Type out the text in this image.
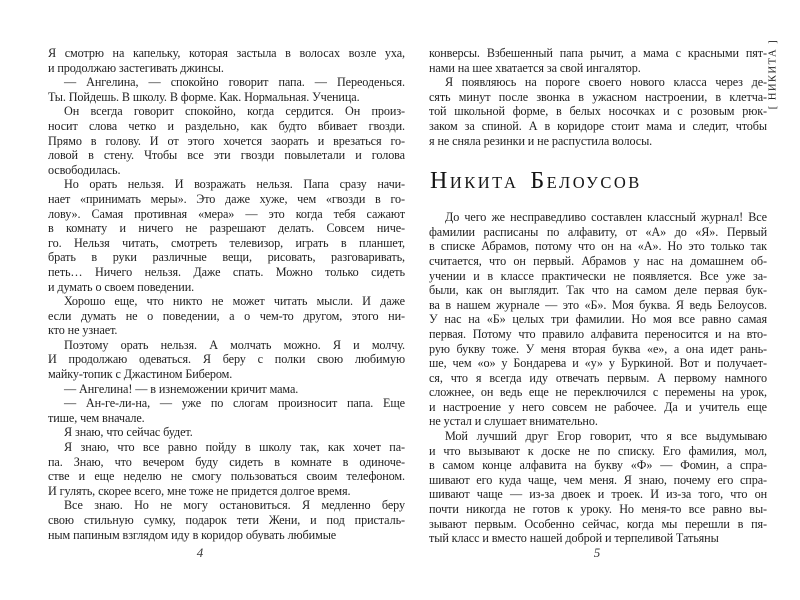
Я смотрю на капельку, которая застыла в волосах возле уха,
и продолжаю застегивать джинсы.
— Ангелина, — спокойно говорит папа. — Переоденься.
Ты. Пойдешь. В школу. В форме. Как. Нормальная. Ученица.
Он всегда говорит спокойно, когда сердится. Он произ-
носит слова четко и раздельно, как будто вбивает гвозди.
Прямо в голову. И от этого хочется заорать и врезаться го-
ловой в стену. Чтобы все эти гвозди повылетали и голова
освободилась.
Но орать нельзя. И возражать нельзя. Папа сразу начи-
нает «принимать меры». Это даже хуже, чем «гвозди в го-
лову». Самая противная «мера» — это когда тебя сажают
в комнату и ничего не разрешают делать. Совсем ниче-
го. Нельзя читать, смотреть телевизор, играть в планшет,
брать в руки различные вещи, рисовать, разговаривать,
петь… Ничего нельзя. Даже спать. Можно только сидеть
и думать о своем поведении.
Хорошо еще, что никто не может читать мысли. И даже
если думать не о поведении, а о чем-то другом, этого ни-
кто не узнает.
Поэтому орать нельзя. А молчать можно. Я и молчу.
И продолжаю одеваться. Я беру с полки свою любимую
майку-топик с Джастином Бибером.
— Ангелина! — в изнеможении кричит мама.
— Ан-ге-ли-на, — уже по слогам произносит папа. Еще
тише, чем вначале.
Я знаю, что сейчас будет.
Я знаю, что все равно пойду в школу так, как хочет па-
па. Знаю, что вечером буду сидеть в комнате в одиноче-
стве и еще неделю не смогу пользоваться своим телефоном.
И гулять, скорее всего, мне тоже не придется долгое время.
Все знаю. Но не могу остановиться. Я медленно беру
свою стильную сумку, подарок тети Жени, и под присталь-
ным папиным взглядом иду в коридор обувать любимые
4
конверсы. Взбешенный папа рычит, а мама с красными пят-
нами на шее хватается за свой ингалятор.
Я появляюсь на пороге своего нового класса через де-
сять минут после звонка в ужасном настроении, в клетча-
той школьной форме, в белых носочках и с розовым рюк-
заком за спиной. А в коридоре стоит мама и следит, чтобы
я не сняла резинки и не распустила волосы.
НИКИТА БЕЛОУСОВ
До чего же несправедливо составлен классный журнал! Все
фамилии расписаны по алфавиту, от «А» до «Я». Первый
в списке Абрамов, потому что он на «А». Но это только так
считается, что он первый. Абрамов у нас на домашнем об-
учении и в классе практически не появляется. Все уже за-
были, как он выглядит. Так что на самом деле первая бук-
ва в нашем журнале — это «Б». Моя буква. Я ведь Белоусов.
У нас на «Б» целых три фамилии. Но моя все равно самая
первая. Потому что правило алфавита переносится и на вто-
рую букву тоже. У меня вторая буква «е», а она идет рань-
ше, чем «о» у Бондарева и «у» у Буркиной. Вот и получает-
ся, что я всегда иду отвечать первым. А первому намного
сложнее, он ведь еще не переключился с перемены на урок,
и настроение у него совсем не рабочее. Да и учитель еще
не устал и слушает внимательно.
Мой лучший друг Егор говорит, что я все выдумываю
и что вызывают к доске не по списку. Его фамилия, мол,
в самом конце алфавита на букву «Ф» — Фомин, а спра-
шивают его куда чаще, чем меня. Я знаю, почему его спра-
шивают чаще — из-за двоек и троек. И из-за того, что он
почти никогда не готов к уроку. Но меня-то все равно вы-
зывают первым. Особенно сейчас, когда мы перешли в пя-
тый класс и вместо нашей доброй и терпеливой Татьяны
5
[ НИКИТА ]
